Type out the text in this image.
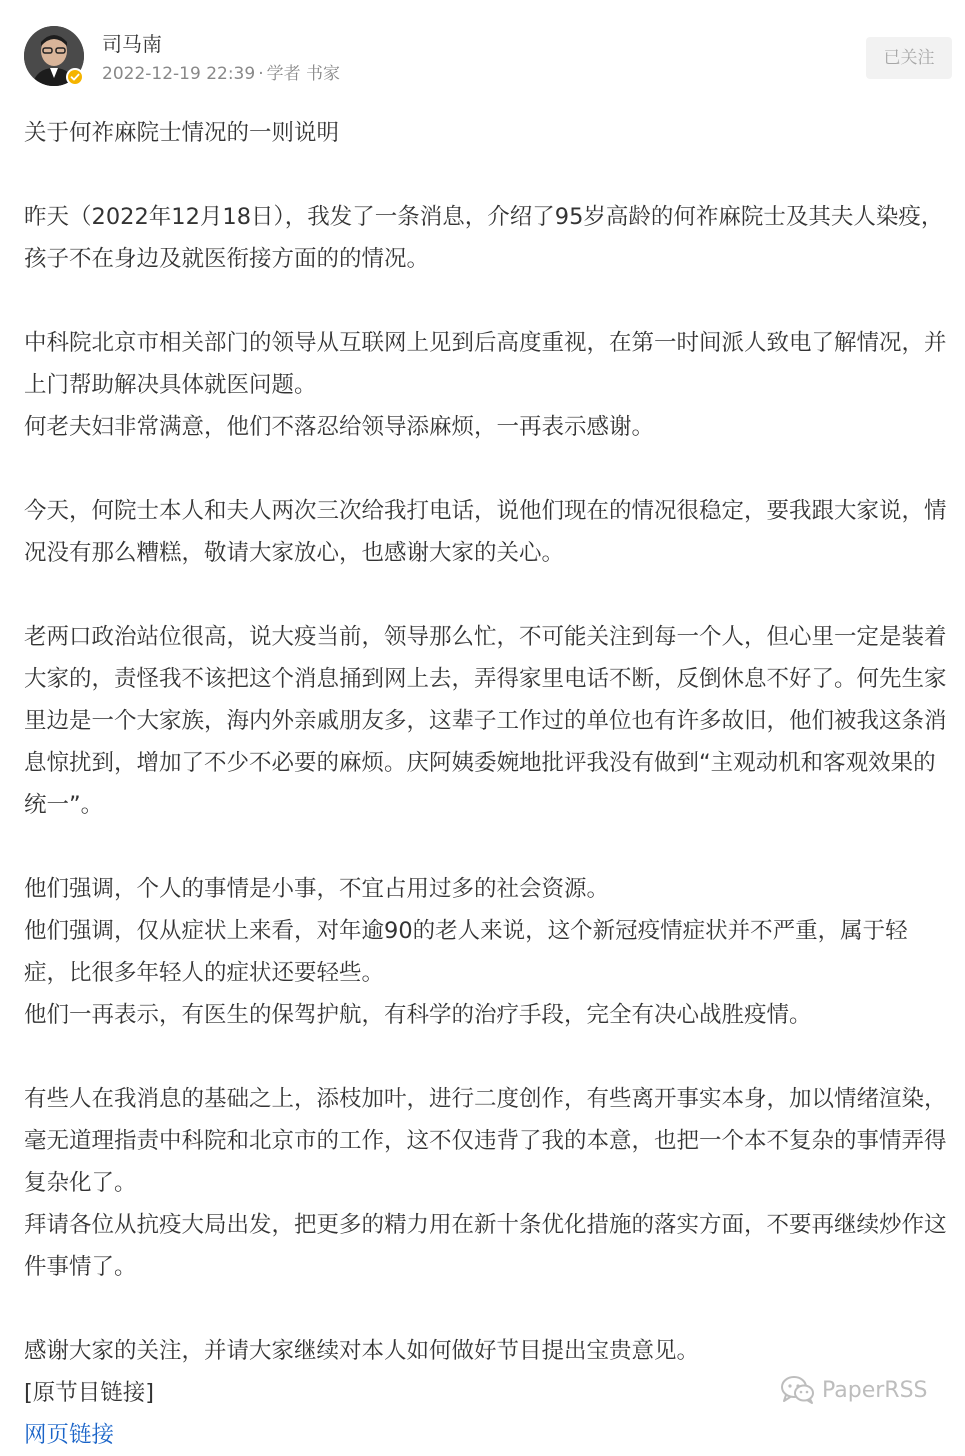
司马南
2022-12-19 22:39 · 学者 书家
已关注

关于何祚麻院士情况的一则说明

昨天（2022年12月18日），我发了一条消息，介绍了95岁高龄的何祚麻院士及其夫人染疫，孩子不在身边及就医衔接方面的的情况。

中科院北京市相关部门的领导从互联网上见到后高度重视，在第一时间派人致电了解情况，并上门帮助解决具体就医问题。

何老夫妇非常满意，他们不落忍给领导添麻烦，一再表示感谢。

今天，何院士本人和夫人两次三次给我打电话，说他们现在的情况很稳定，要我跟大家说，情况没有那么糟糕，敬请大家放心，也感谢大家的关心。

老两口政治站位很高，说大疫当前，领导那么忙，不可能关注到每一个人，但心里一定是装着大家的，责怪我不该把这个消息捅到网上去，弄得家里电话不断，反倒休息不好了。何先生家里边是一个大家族，海内外亲戚朋友多，这辈子工作过的单位也有许多故旧，他们被我这条消息惊扰到，增加了不少不必要的麻烦。庆阿姨委婉地批评我没有做到“主观动机和客观效果的统一”。

他们强调，个人的事情是小事，不宜占用过多的社会资源。

他们强调，仅从症状上来看，对年逾90的老人来说，这个新冠疫情症状并不严重，属于轻症，比很多年轻人的症状还要轻些。

他们一再表示，有医生的保驾护航，有科学的治疗手段，完全有决心战胜疫情。

有些人在我消息的基础之上，添枝加叶，进行二度创作，有些离开事实本身，加以情绪渲染，毫无道理指责中科院和北京市的工作，这不仅违背了我的本意，也把一个本不复杂的事情弄得复杂化了。

拜请各位从抗疫大局出发，把更多的精力用在新十条优化措施的落实方面，不要再继续炒作这件事情了。

感谢大家的关注，并请大家继续对本人如何做好节目提出宝贵意见。

[原节目链接]

网页链接

PaperRSS
